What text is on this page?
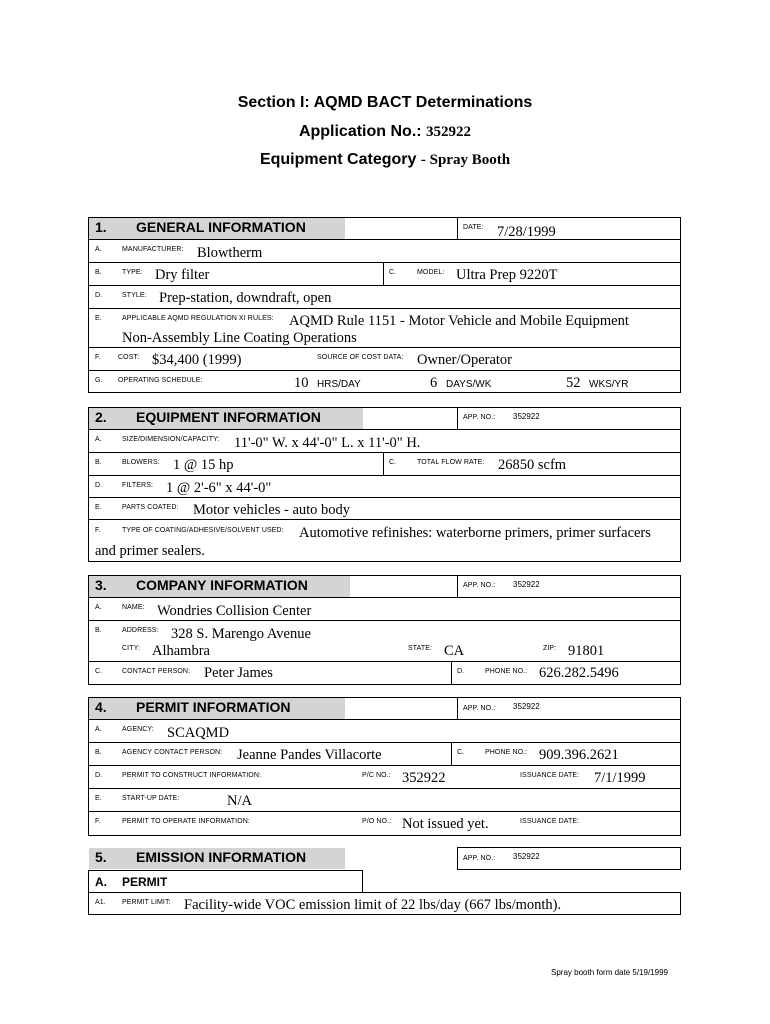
Section I: AQMD BACT Determinations
Application No.: 352922
Equipment Category - Spray Booth
1. GENERAL INFORMATION	DATE: 7/28/1999
A.	MANUFACTURER: Blowtherm
B.	TYPE: Dry filter	C.	MODEL: Ultra Prep 9220T
D.	STYLE: Prep-station, downdraft, open
E.	APPLICABLE AQMD REGULATION XI RULES: AQMD Rule 1151 - Motor Vehicle and Mobile Equipment
Non-Assembly Line Coating Operations
F. COST: $34,400 (1999)	SOURCE OF COST DATA: Owner/Operator
G. OPERATING SCHEDULE:	10 HRS/DAY	6 DAYS/WK	52 WKS/YR
2. EQUIPMENT INFORMATION	APP. NO.: 352922
A.	SIZE/DIMENSION/CAPACITY: 11'-0" W. x 44'-0" L. x 11'-0" H.
B.	BLOWERS: 1 @ 15 hp	C.	TOTAL FLOW RATE: 26850 scfm
D.	FILTERS: 1 @ 2'-6" x 44'-0"
E.	PARTS COATED: Motor vehicles - auto body
F.	TYPE OF COATING/ADHESIVE/SOLVENT USED: Automotive refinishes: waterborne primers, primer surfacers
and primer sealers.
3. COMPANY INFORMATION	APP. NO.: 352922
A.	NAME: Wondries Collision Center
B.	ADDRESS: 328 S. Marengo Avenue
CITY: Alhambra	STATE: CA	ZIP: 91801
C.	CONTACT PERSON: Peter James	D.	PHONE NO.: 626.282.5496
4. PERMIT INFORMATION	APP. NO.: 352922
A.	AGENCY: SCAQMD
B.	AGENCY CONTACT PERSON: Jeanne Pandes Villacorte	C.	PHONE NO.: 909.396.2621
D.	PERMIT TO CONSTRUCT INFORMATION:	P/C NO.: 352922	ISSUANCE DATE: 7/1/1999
E.	START-UP DATE:	N/A
F.	PERMIT TO OPERATE INFORMATION:	P/O NO.: Not issued yet.	ISSUANCE DATE:
5. EMISSION INFORMATION	APP. NO.: 352922
A. PERMIT
A1. PERMIT LIMIT: Facility-wide VOC emission limit of 22 lbs/day (667 lbs/month).
Spray booth form date 5/19/1999
